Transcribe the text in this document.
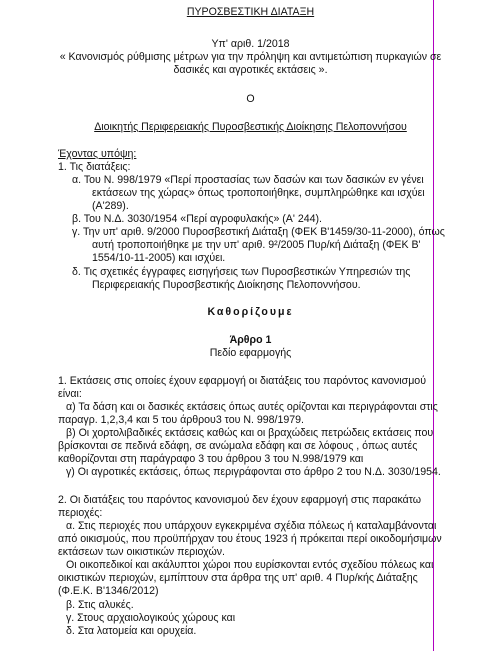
ΠΥΡΟΣΒΕΣΤΙΚΗ ΔΙΑΤΑΞΗ
Υπ' αριθ. 1/2018
« Κανονισμός ρύθμισης μέτρων για την πρόληψη και αντιμετώπιση πυρκαγιών σε
δασικές και αγροτικές εκτάσεις ».
Ο
Διοικητής Περιφερειακής Πυροσβεστικής Διοίκησης Πελοποννήσου
Έχοντας υπόψη:
1. Τις διατάξεις:
α. Του Ν. 998/1979 «Περί προστασίας των δασών και των δασικών εν γένει
εκτάσεων της χώρας» όπως τροποποιήθηκε, συμπληρώθηκε και ισχύει
(Α'289).
β. Του Ν.Δ. 3030/1954 «Περί αγροφυλακής» (Α' 244).
γ. Την υπ' αριθ. 9/2000 Πυροσβεστική Διάταξη (ΦΕΚ Β'1459/30-11-2000), όπως
αυτή τροποποιήθηκε με την υπ' αριθ. 9²/2005 Πυρ/κή Διάταξη (ΦΕΚ Β'
1554/10-11-2005) και ισχύει.
δ. Τις σχετικές έγγραφες εισηγήσεις των Πυροσβεστικών Υπηρεσιών της
Περιφερειακής Πυροσβεστικής Διοίκησης Πελοποννήσου.
Καθορίζουμε
Άρθρο 1
Πεδίο εφαρμογής
1. Εκτάσεις στις οποίες έχουν εφαρμογή οι διατάξεις του παρόντος κανονισμού
είναι:
α) Τα δάση και οι δασικές εκτάσεις όπως αυτές ορίζονται και περιγράφονται στις
παραγρ. 1,2,3,4 και 5 του άρθρου3 του Ν. 998/1979.
β) Οι χορτολιβαδικές εκτάσεις καθώς και οι βραχώδεις πετρώδεις εκτάσεις που
βρίσκονται σε πεδινά εδάφη, σε ανώμαλα εδάφη και σε λόφους , όπως αυτές
καθορίζονται στη παράγραφο 3 του άρθρου 3 του Ν.998/1979 και
γ) Οι αγροτικές εκτάσεις, όπως περιγράφονται στο άρθρο 2 του Ν.Δ. 3030/1954.
2. Οι διατάξεις του παρόντος κανονισμού δεν έχουν εφαρμογή στις παρακάτω
περιοχές:
α. Στις περιοχές που υπάρχουν εγκεκριμένα σχέδια πόλεως ή καταλαμβάνονται
από οικισμούς, που προϋπήρχαν του έτους 1923 ή πρόκειται περί οικοδομήσιμων
εκτάσεων των οικιστικών περιοχών.
Οι οικοπεδικοί και ακάλυπτοι χώροι που ευρίσκονται εντός σχεδίου πόλεως και
οικιστικών περιοχών, εμπίπτουν στα άρθρα της υπ' αριθ. 4 Πυρ/κής Διάταξης
(Φ.Ε.Κ. Β'1346/2012)
β. Στις αλυκές.
γ. Στους αρχαιολογικούς χώρους και
δ. Στα λατομεία και ορυχεία.
